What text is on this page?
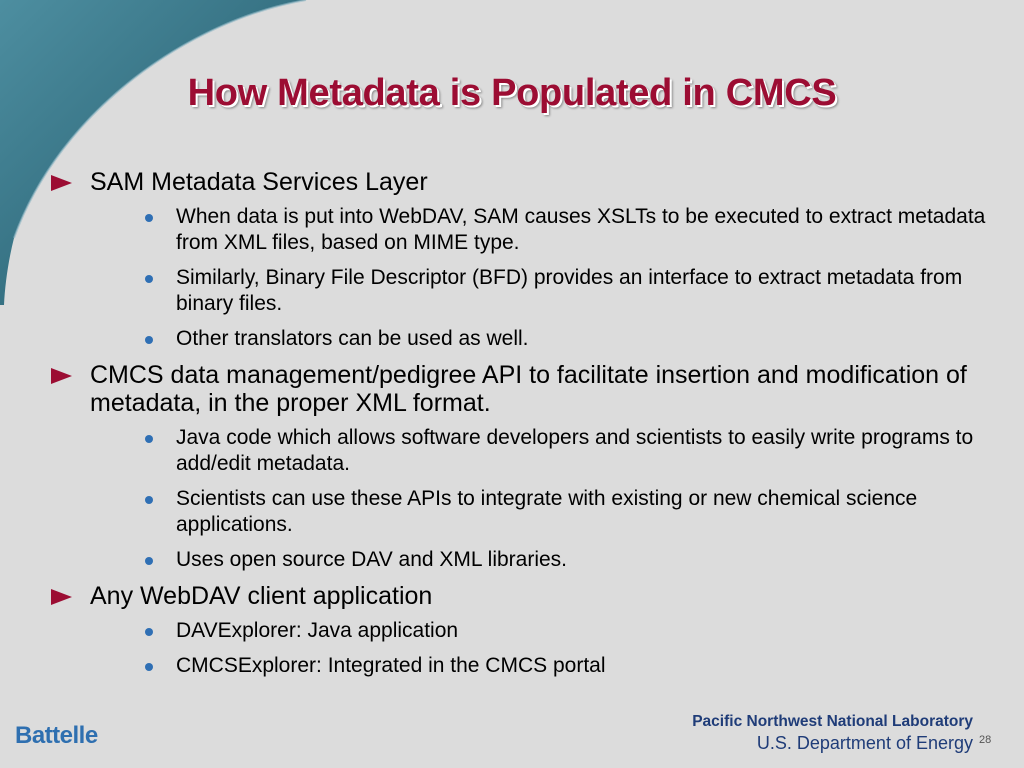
How Metadata is Populated in CMCS
SAM Metadata Services Layer
When data is put into WebDAV, SAM causes XSLTs to be executed to extract metadata from XML files, based on MIME type.
Similarly, Binary File Descriptor (BFD) provides an interface to extract metadata from binary files.
Other translators can be used as well.
CMCS data management/pedigree API to facilitate insertion and modification of metadata, in the proper XML format.
Java code which allows software developers and scientists to easily write programs to add/edit metadata.
Scientists can use these APIs to integrate with existing or new chemical science applications.
Uses open source DAV and XML libraries.
Any WebDAV client application
DAVExplorer: Java application
CMCSExplorer: Integrated in the CMCS portal
Battelle
Pacific Northwest National Laboratory
U.S. Department of Energy 28
